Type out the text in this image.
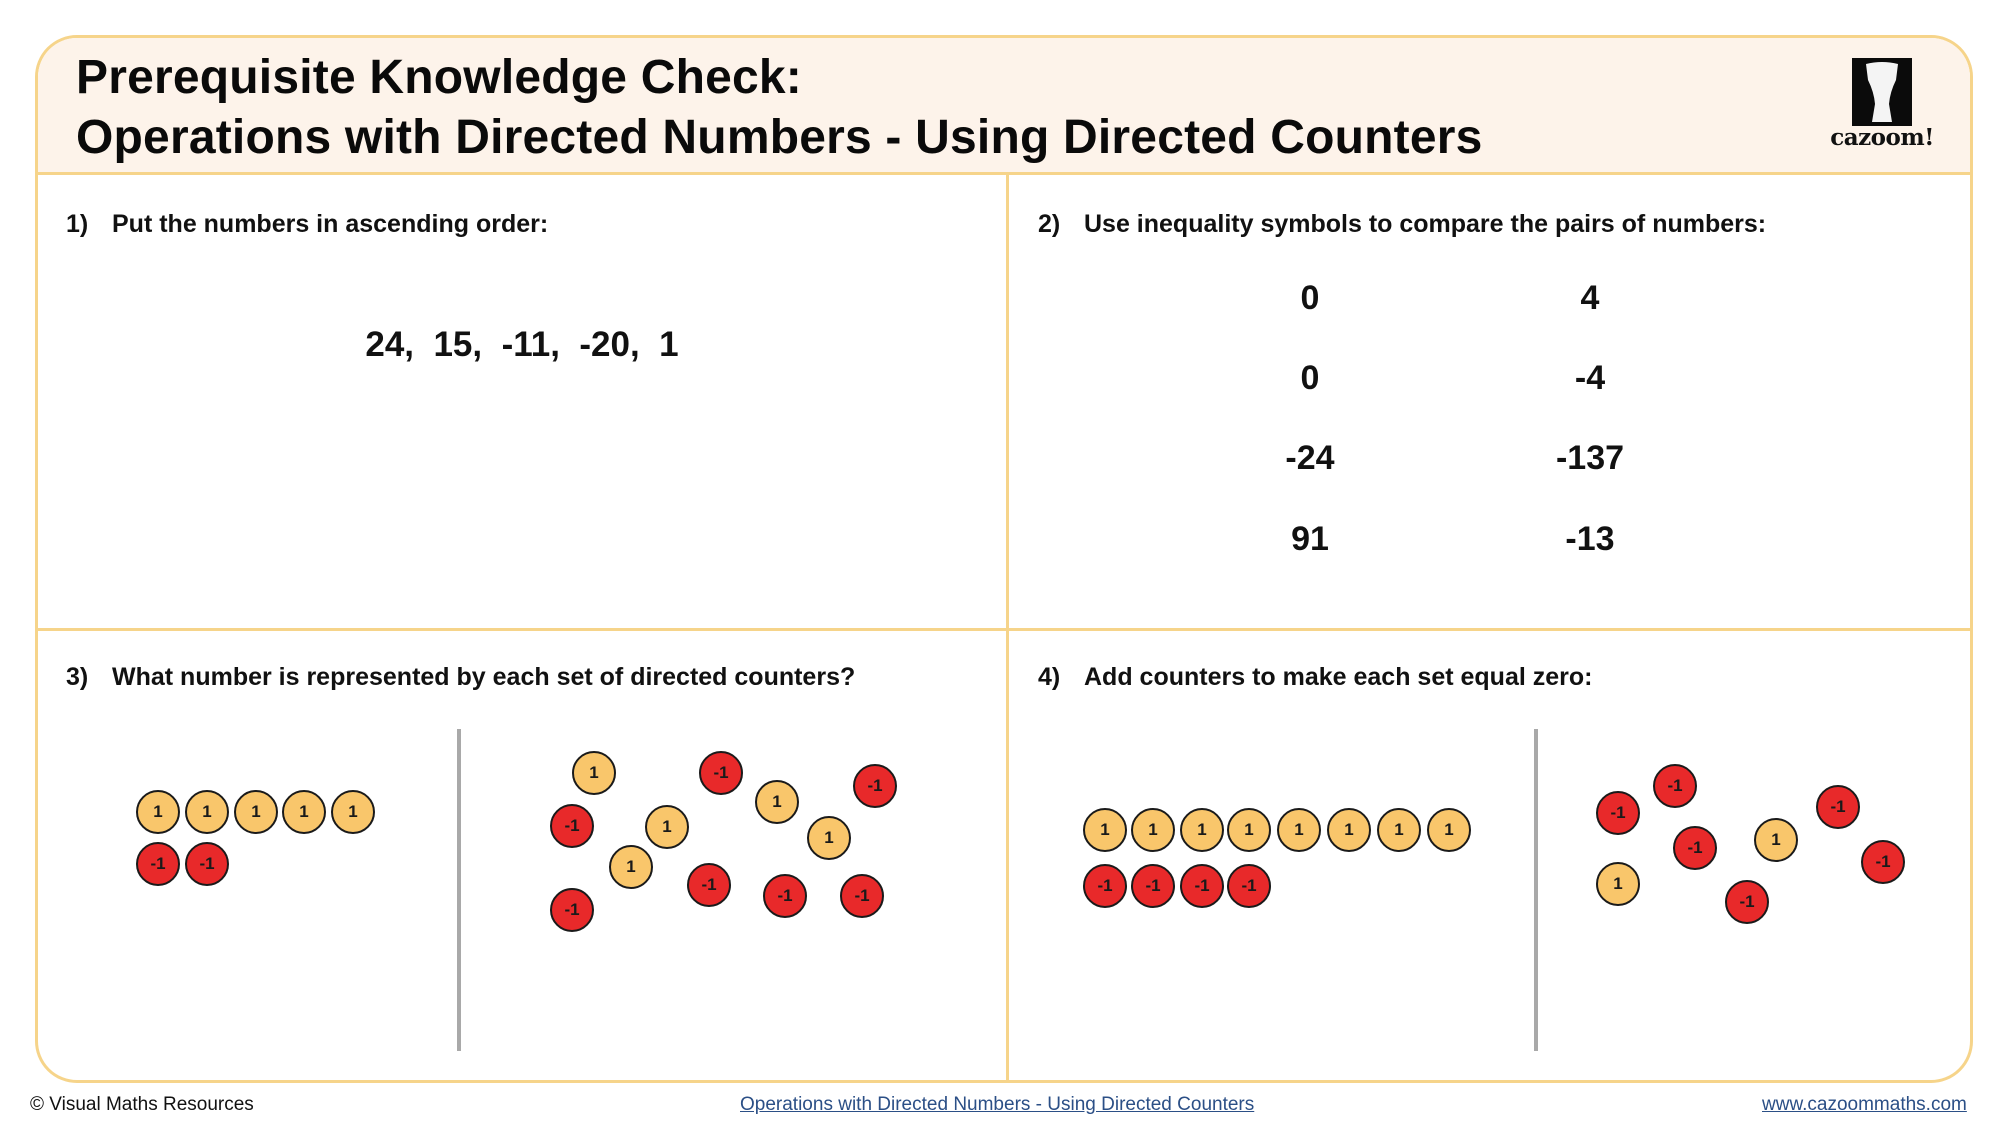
Prerequisite Knowledge Check:
Operations with Directed Numbers - Using Directed Counters	cazoom!
1) Put the numbers in ascending order:
24,  15,  -11,  -20,  1
2) Use inequality symbols to compare the pairs of numbers:
0	4
0	-4
-24	-137
91	-13
3) What number is represented by each set of directed counters?
1	1	1	1	1
-1	-1
1
1
1
1
1
-1
-1
-1
-1
-1
-1	-1
4) Add counters to make each set equal zero:
1	1	1	1	1	1	1	1
-1	-1	-1	-1
-1
-1
-1
-1
-1
-1
1
1
© Visual Maths Resources	Operations with Directed Numbers - Using Directed Counters	www.cazoommaths.com
